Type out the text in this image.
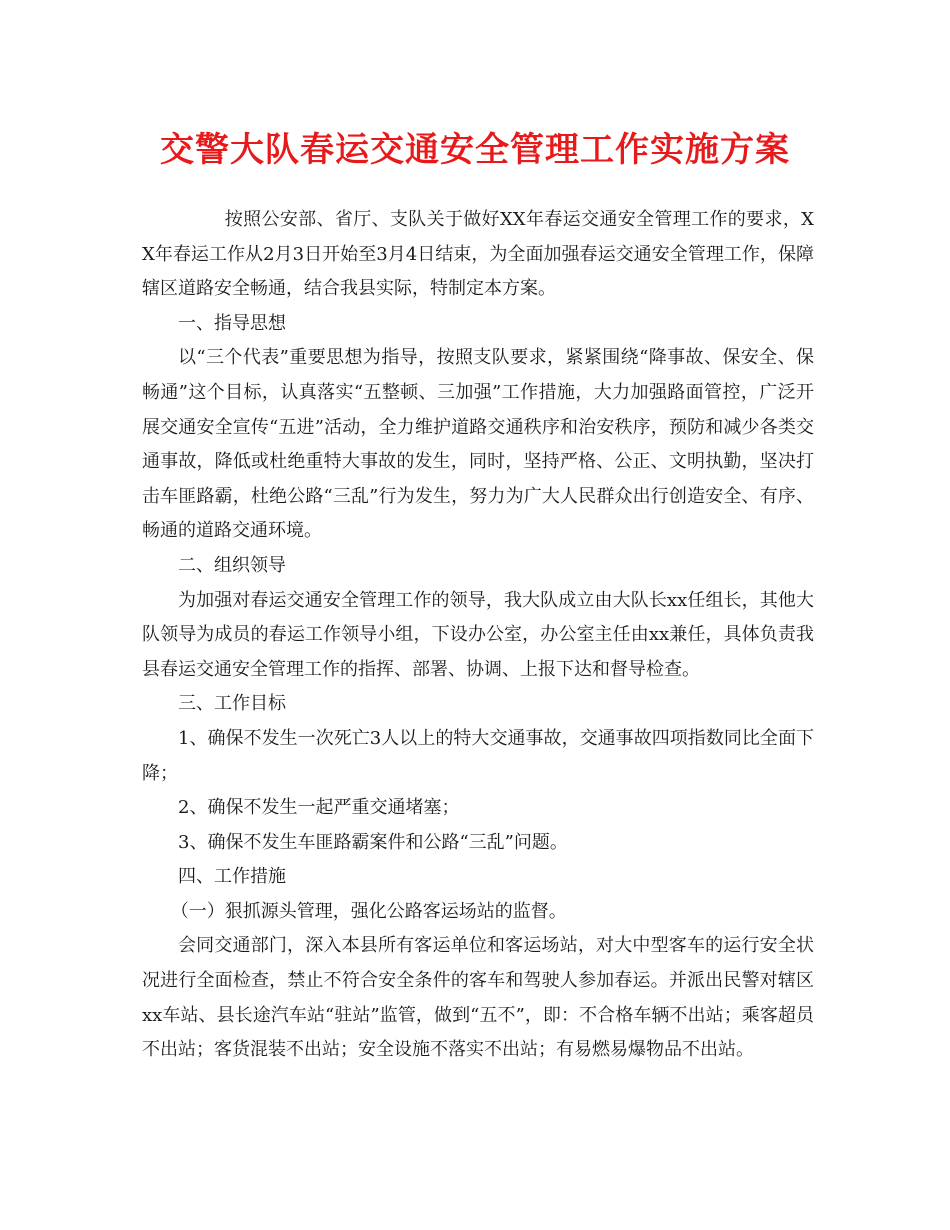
交警大队春运交通安全管理工作实施方案

按照公安部、省厅、支队关于做好XX年春运交通安全管理工作的要求，XX年春运工作从2月3日开始至3月4日结束，为全面加强春运交通安全管理工作，保障辖区道路安全畅通，结合我县实际，特制定本方案。

一、指导思想

以“三个代表”重要思想为指导，按照支队要求，紧紧围绕“降事故、保安全、保畅通”这个目标，认真落实“五整顿、三加强”工作措施，大力加强路面管控，广泛开展交通安全宣传“五进”活动，全力维护道路交通秩序和治安秩序，预防和减少各类交通事故，降低或杜绝重特大事故的发生，同时，坚持严格、公正、文明执勤，坚决打击车匪路霸，杜绝公路“三乱”行为发生，努力为广大人民群众出行创造安全、有序、畅通的道路交通环境。

二、组织领导

为加强对春运交通安全管理工作的领导，我大队成立由大队长xx任组长，其他大队领导为成员的春运工作领导小组，下设办公室，办公室主任由xx兼任，具体负责我县春运交通安全管理工作的指挥、部署、协调、上报下达和督导检查。

三、工作目标

1、确保不发生一次死亡3人以上的特大交通事故，交通事故四项指数同比全面下降；

2、确保不发生一起严重交通堵塞；

3、确保不发生车匪路霸案件和公路“三乱”问题。

四、工作措施

（一）狠抓源头管理，强化公路客运场站的监督。

会同交通部门，深入本县所有客运单位和客运场站，对大中型客车的运行安全状况进行全面检查，禁止不符合安全条件的客车和驾驶人参加春运。并派出民警对辖区xx车站、县长途汽车站“驻站”监管，做到“五不”，即：不合格车辆不出站；乘客超员不出站；客货混装不出站；安全设施不落实不出站；有易燃易爆物品不出站。
